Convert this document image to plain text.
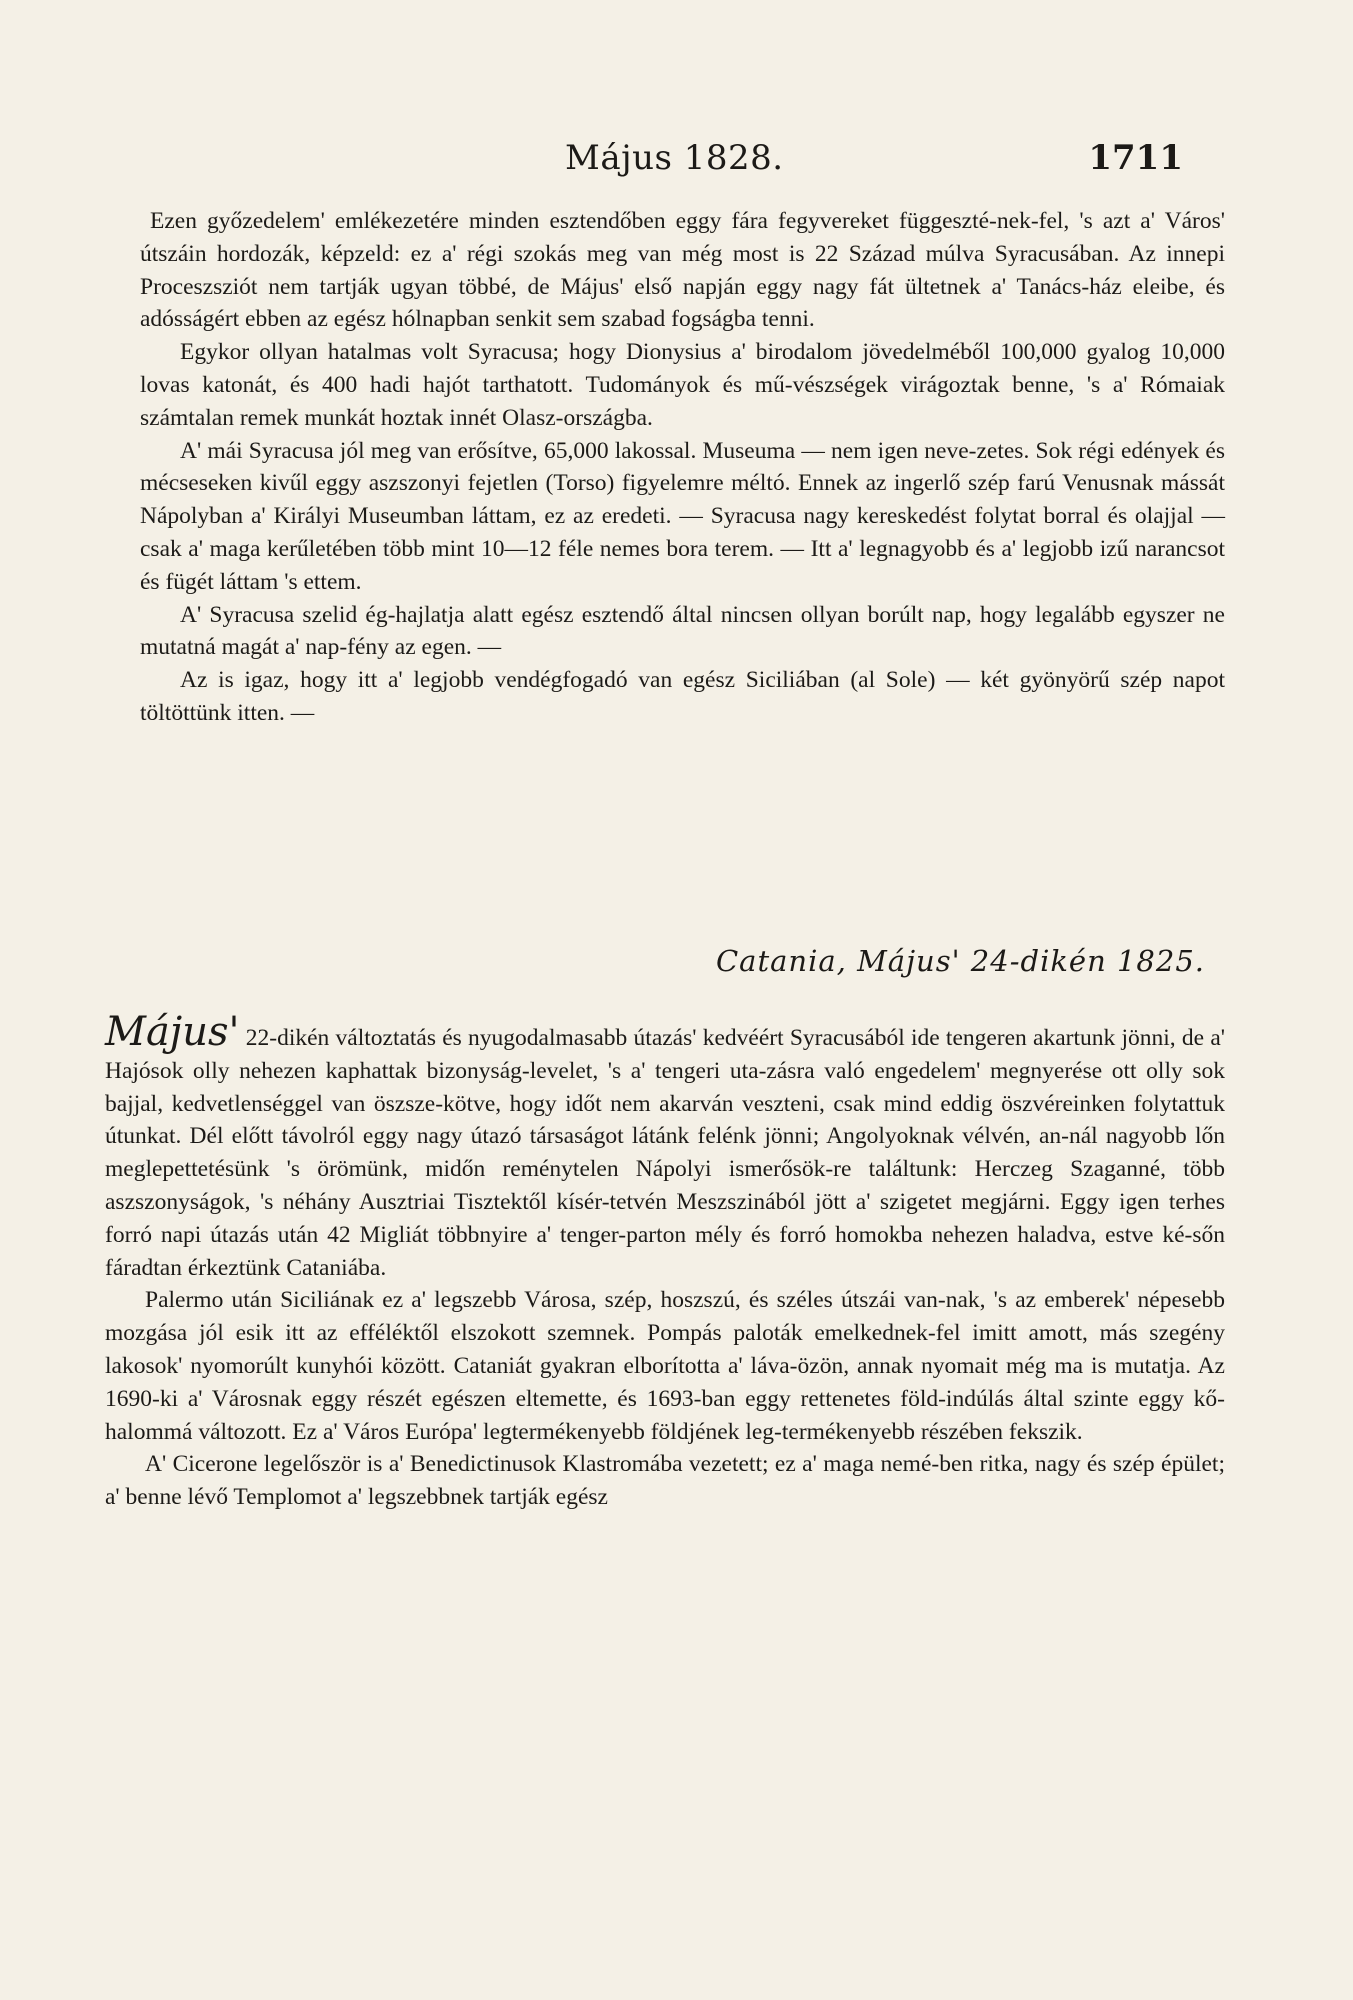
Május 1828.	1711

Ezen győzedelem' emlékezetére minden esztendőben eggy fára fegyvereket függeszté-nek-fel, 's azt a' Város' útszáin hordozák, képzeld: ez a' régi szokás meg van még most is 22 Század múlva Syracusában. Az innepi Proceszsziót nem tartják ugyan többé, de Május' első napján eggy nagy fát ültetnek a' Tanács-ház eleibe, és adósságért ebben az egész hólnapban senkit sem szabad fogságba tenni.

Egykor ollyan hatalmas volt Syracusa; hogy Dionysius a' birodalom jövedelméből 100,000 gyalog 10,000 lovas katonát, és 400 hadi hajót tarthatott. Tudományok és mű-vészségek virágoztak benne, 's a' Rómaiak számtalan remek munkát hoztak innét Olasz-országba.

A' mái Syracusa jól meg van erősítve, 65,000 lakossal. Museuma — nem igen neve-zetes. Sok régi edények és mécseseken kivűl eggy aszszonyi fejetlen (Torso) figyelemre méltó. Ennek az ingerlő szép farú Venusnak mássát Nápolyban a' Királyi Museumban láttam, ez az eredeti. — Syracusa nagy kereskedést folytat borral és olajjal — csak a' maga kerűletében több mint 10—12 féle nemes bora terem. — Itt a' legnagyobb és a' legjobb izű narancsot és fügét láttam 's ettem.

A' Syracusa szelid ég-hajlatja alatt egész esztendő által nincsen ollyan borúlt nap, hogy legalább egyszer ne mutatná magát a' nap-fény az egen. —

Az is igaz, hogy itt a' legjobb vendégfogadó van egész Siciliában (al Sole) — két gyönyörű szép napot töltöttünk itten. —

Catania, Május' 24-dikén 1825.

Május' 22-dikén változtatás és nyugodalmasabb útazás' kedvéért Syracusából ide tengeren akartunk jönni, de a' Hajósok olly nehezen kaphattak bizonyság-levelet, 's a' tengeri uta-zásra való engedelem' megnyerése ott olly sok bajjal, kedvetlenséggel van öszsze-kötve, hogy időt nem akarván veszteni, csak mind eddig öszvéreinken folytattuk útunkat. Dél előtt távolról eggy nagy útazó társaságot látánk felénk jönni; Angolyoknak vélvén, an-nál nagyobb lőn meglepettetésünk 's örömünk, midőn reménytelen Nápolyi ismerősök-re találtunk: Herczeg Szaganné, több aszszonyságok, 's néhány Ausztriai Tisztektől kísér-tetvén Meszszinából jött a' szigetet megjárni. Eggy igen terhes forró napi útazás után 42 Migliát többnyire a' tenger-parton mély és forró homokba nehezen haladva, estve ké-sőn fáradtan érkeztünk Cataniába.

Palermo után Siciliának ez a' legszebb Városa, szép, hoszszú, és széles útszái van-nak, 's az emberek' népesebb mozgása jól esik itt az efféléktől elszokott szemnek. Pompás paloták emelkednek-fel imitt amott, más szegény lakosok' nyomorúlt kunyhói között. Cataniát gyakran elborította a' láva-özön, annak nyomait még ma is mutatja. Az 1690-ki a' Városnak eggy részét egészen eltemette, és 1693-ban eggy rettenetes föld-indúlás által szinte eggy kő-halommá változott. Ez a' Város Európa' legtermékenyebb földjének leg-termékenyebb részében fekszik.

A' Cicerone legelőször is a' Benedictinusok Klastromába vezetett; ez a' maga nemé-ben ritka, nagy és szép épület; a' benne lévő Templomot a' legszebbnek tartják egész
